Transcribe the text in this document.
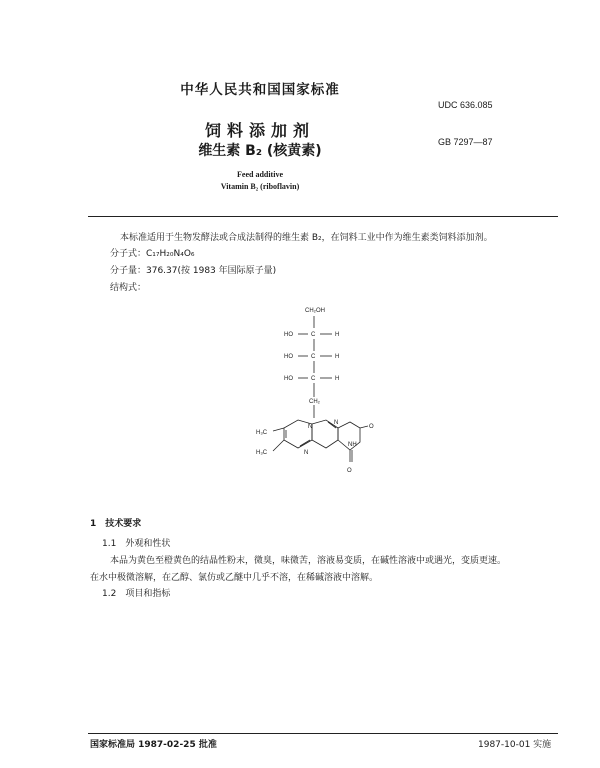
中华人民共和国国家标准
UDC 636.085
饲料添加剂
GB 7297—87
维生素 B₂ (核黄素)
Feed additive
Vitamin B₂ (riboflavin)
本标准适用于生物发酵法或合成法制得的维生素 B₂，在饲料工业中作为维生素类饲料添加剂。
分子式：C₁₇H₂₀N₄O₆
分子量：376.37(按 1983 年国际原子量)
结构式：
CH₂OH
HO	C	H
HO	C	H
HO	C	H
CH₂
N
N
O
NH
O
N
H₃C
H₃C
1　技术要求
1.1　外观和性状
本品为黄色至橙黄色的结晶性粉末，微臭，味微苦，溶液易变质，在碱性溶液中或遇光，变质更速。
在水中极微溶解，在乙醇、氯仿或乙醚中几乎不溶，在稀碱溶液中溶解。
1.2　项目和指标
国家标准局 1987-02-25 批准	1987-10-01 实施
